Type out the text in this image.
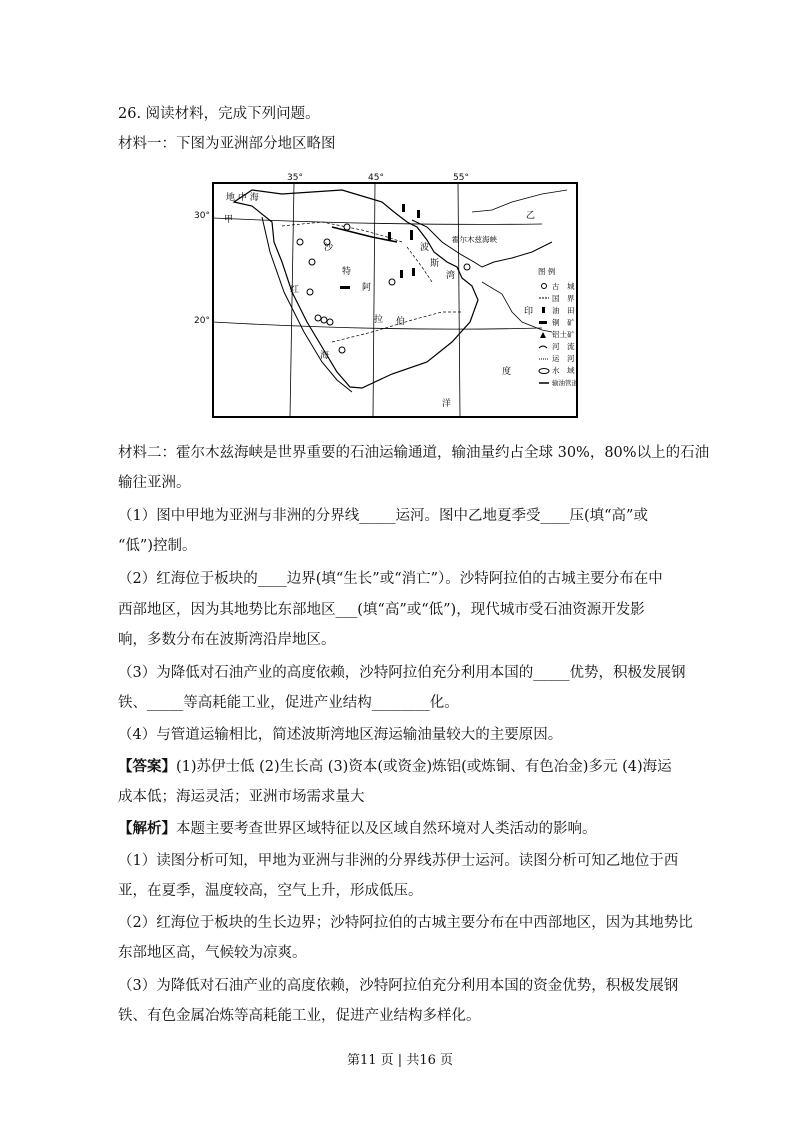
26. 阅读材料，完成下列问题。
材料一：下图为亚洲部分地区略图
地 中 海
甲	乙
霍尔木兹海峡
沙
特
阿
拉 伯
波
斯
湾
红
海
印
度
洋
图 例
古　城
国　界
油　田
铜　矿
铝土矿
河　流
运　河
水　域
输油管道
35°	45°	55°
30°
20°
材料二：霍尔木兹海峡是世界重要的石油运输通道，输油量约占全球 30%，80%以上的石油
输往亚洲。
（1）图中甲地为亚洲与非洲的分界线_____运河。图中乙地夏季受____压(填“高”或
“低”)控制。
（2）红海位于板块的____边界(填“生长”或“消亡”）。沙特阿拉伯的古城主要分布在中
西部地区，因为其地势比东部地区___(填“高”或“低”)，现代城市受石油资源开发影
响，多数分布在波斯湾沿岸地区。
（3）为降低对石油产业的高度依赖，沙特阿拉伯充分利用本国的_____优势，积极发展钢
铁、_____等高耗能工业，促进产业结构________化。
（4）与管道运输相比，简述波斯湾地区海运输油量较大的主要原因。
【答案】(1)苏伊士低 (2)生长高 (3)资本(或资金)炼铝(或炼铜、有色冶金)多元 (4)海运
成本低；海运灵活；亚洲市场需求量大
【解析】本题主要考查世界区域特征以及区域自然环境对人类活动的影响。
（1）读图分析可知，甲地为亚洲与非洲的分界线苏伊士运河。读图分析可知乙地位于西
亚，在夏季，温度较高，空气上升，形成低压。
（2）红海位于板块的生长边界；沙特阿拉伯的古城主要分布在中西部地区，因为其地势比
东部地区高，气候较为凉爽。
（3）为降低对石油产业的高度依赖，沙特阿拉伯充分利用本国的资金优势，积极发展钢
铁、有色金属冶炼等高耗能工业，促进产业结构多样化。
第11 页 | 共16 页
